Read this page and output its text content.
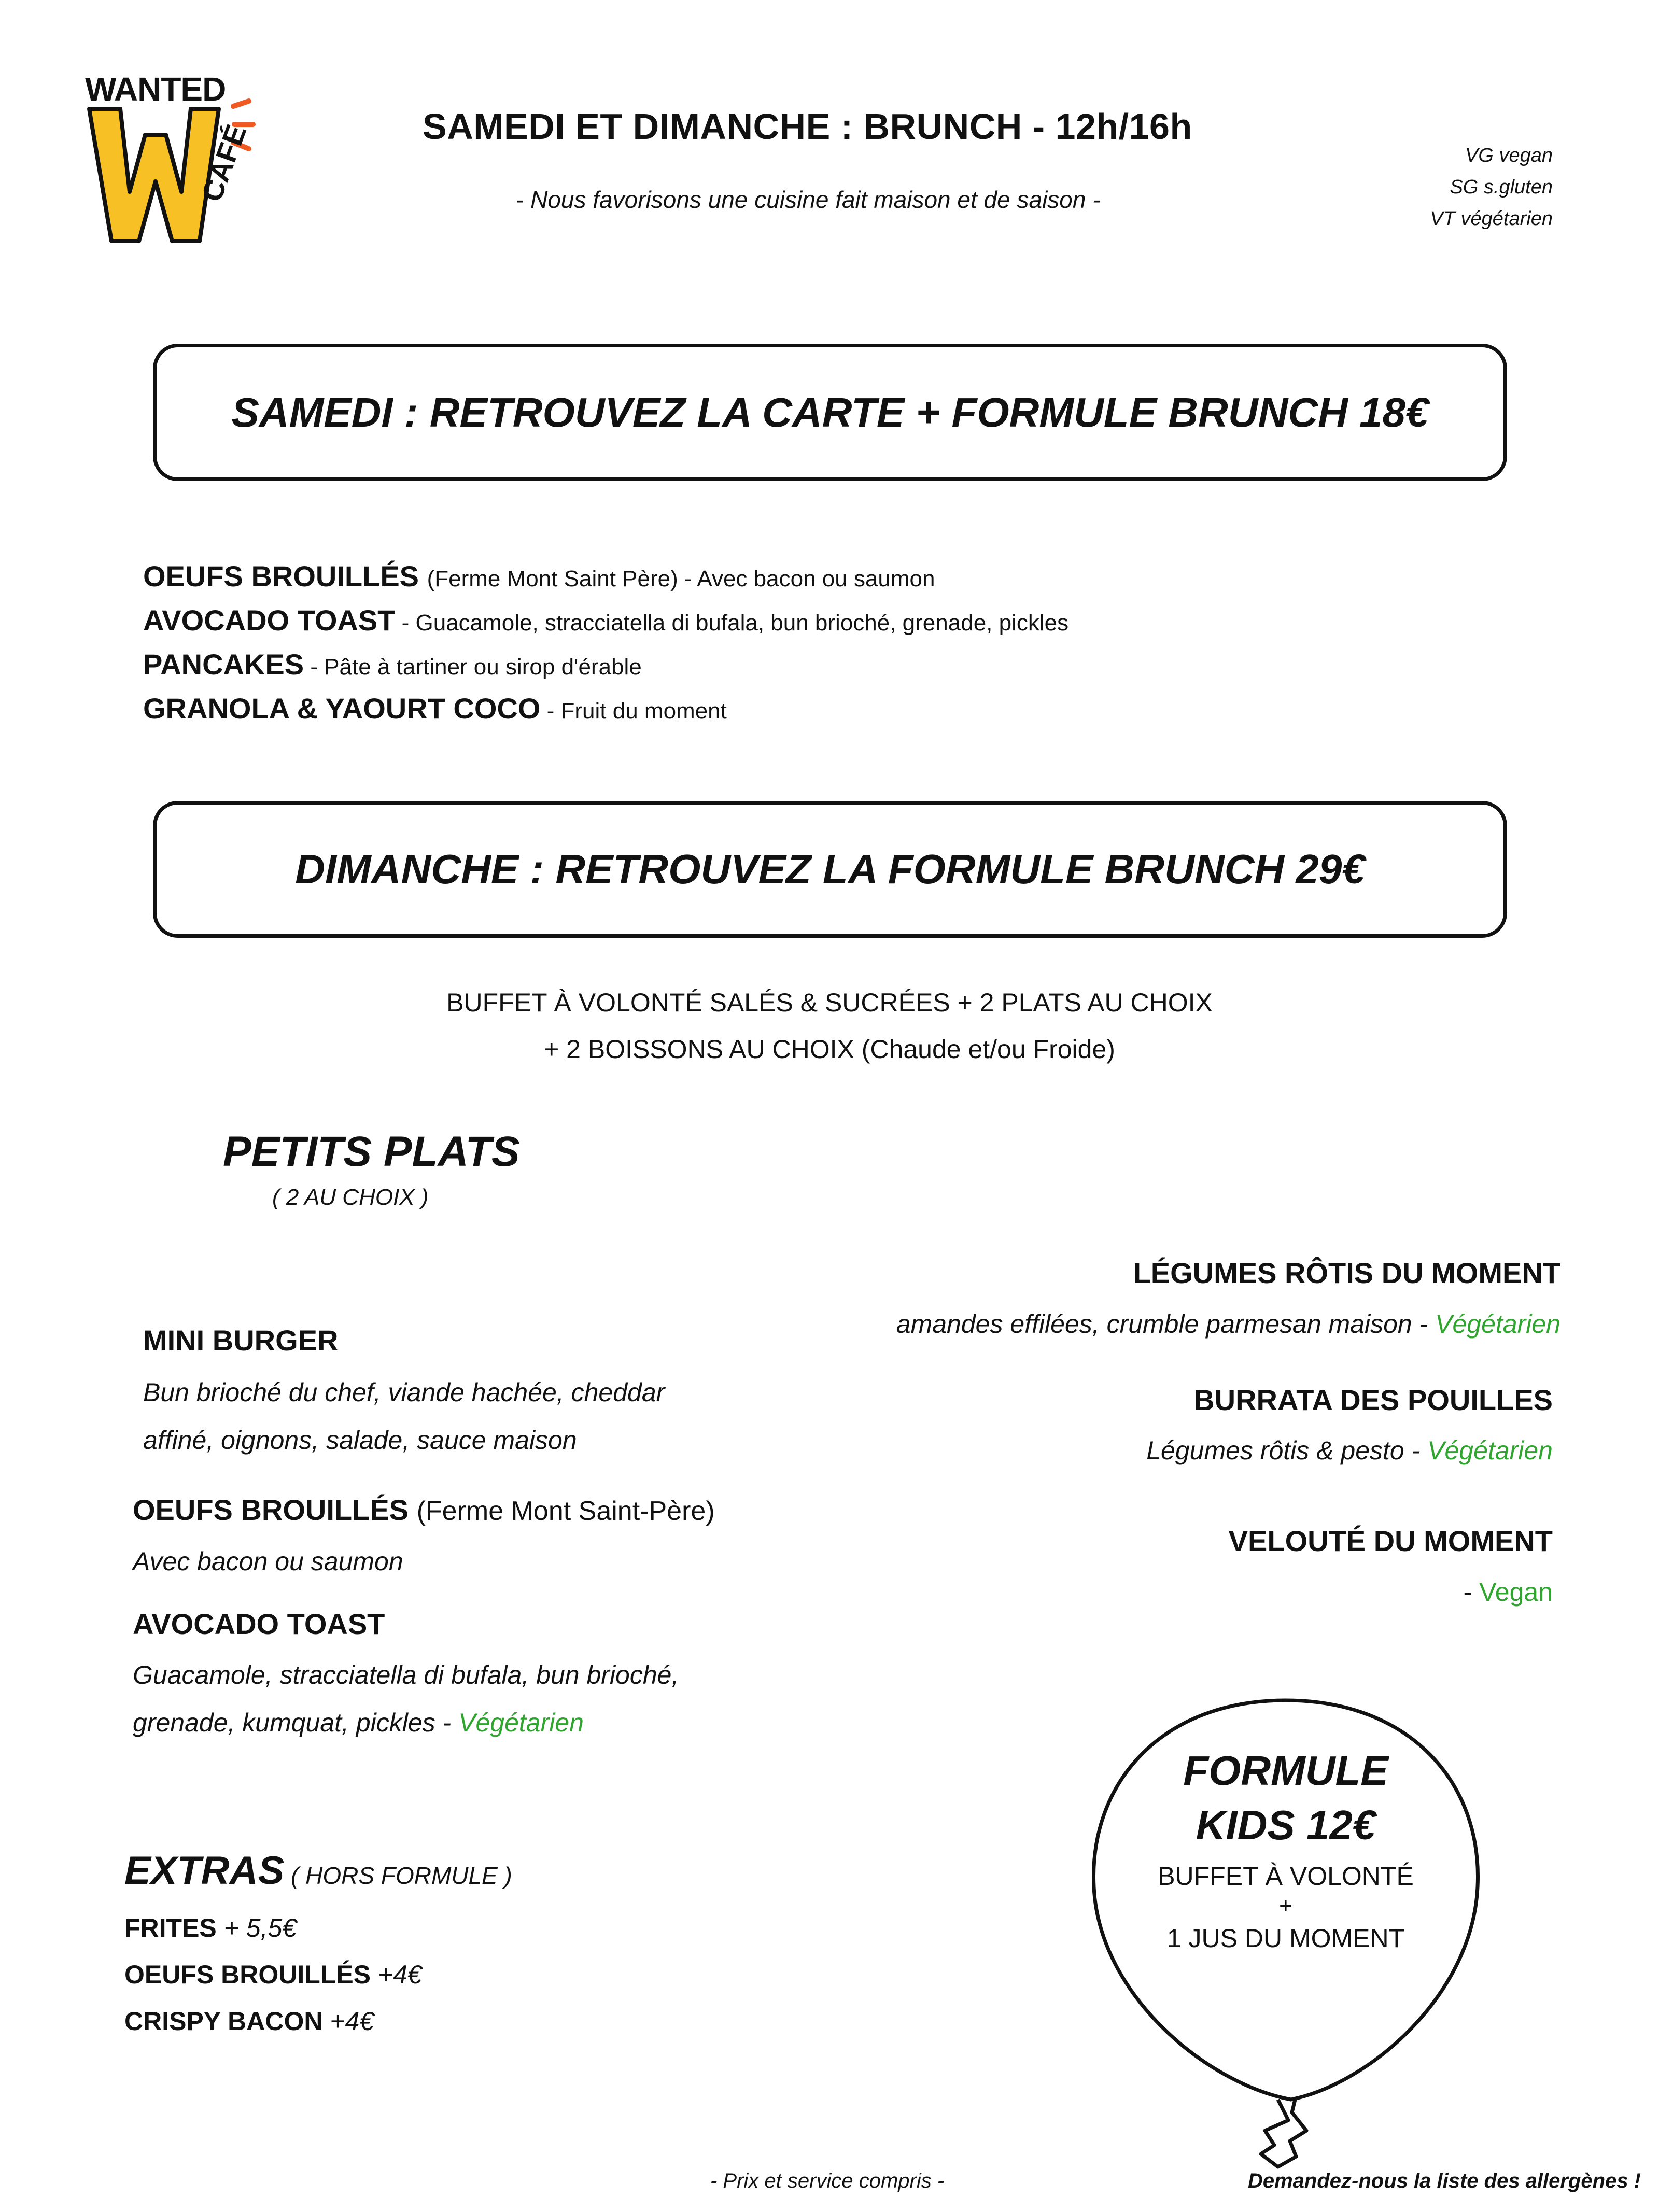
WANTED
CAFÉ	SAMEDI ET DIMANCHE : BRUNCH - 12h/16h
- Nous favorisons une cuisine fait maison et de saison -
VG vegan
SG s.gluten
VT végétarien
SAMEDI : RETROUVEZ LA CARTE + FORMULE BRUNCH 18€
OEUFS BROUILLÉS (Ferme Mont Saint Père) - Avec bacon ou saumon
AVOCADO TOAST - Guacamole, stracciatella di bufala, bun brioché, grenade, pickles
PANCAKES - Pâte à tartiner ou sirop d'érable
GRANOLA & YAOURT COCO - Fruit du moment
DIMANCHE : RETROUVEZ LA FORMULE BRUNCH 29€
BUFFET À VOLONTÉ SALÉS & SUCRÉES + 2 PLATS AU CHOIX
+ 2 BOISSONS AU CHOIX (Chaude et/ou Froide)
PETITS PLATS
( 2 AU CHOIX )
MINI BURGER
Bun brioché du chef, viande hachée, cheddar
affiné, oignons, salade, sauce maison
OEUFS BROUILLÉS (Ferme Mont Saint-Père)
Avec bacon ou saumon
AVOCADO TOAST
Guacamole, stracciatella di bufala, bun brioché,
grenade, kumquat, pickles - Végétarien
LÉGUMES RÔTIS DU MOMENT
amandes effilées, crumble parmesan maison - Végétarien
BURRATA DES POUILLES
Légumes rôtis & pesto - Végétarien
VELOUTÉ DU MOMENT
- Vegan
EXTRAS ( HORS FORMULE )
FRITES + 5,5€
OEUFS BROUILLÉS +4€
CRISPY BACON +4€
FORMULE
KIDS 12€
BUFFET À VOLONTÉ
+
1 JUS DU MOMENT
- Prix et service compris -	Demandez-nous la liste des allergènes !
